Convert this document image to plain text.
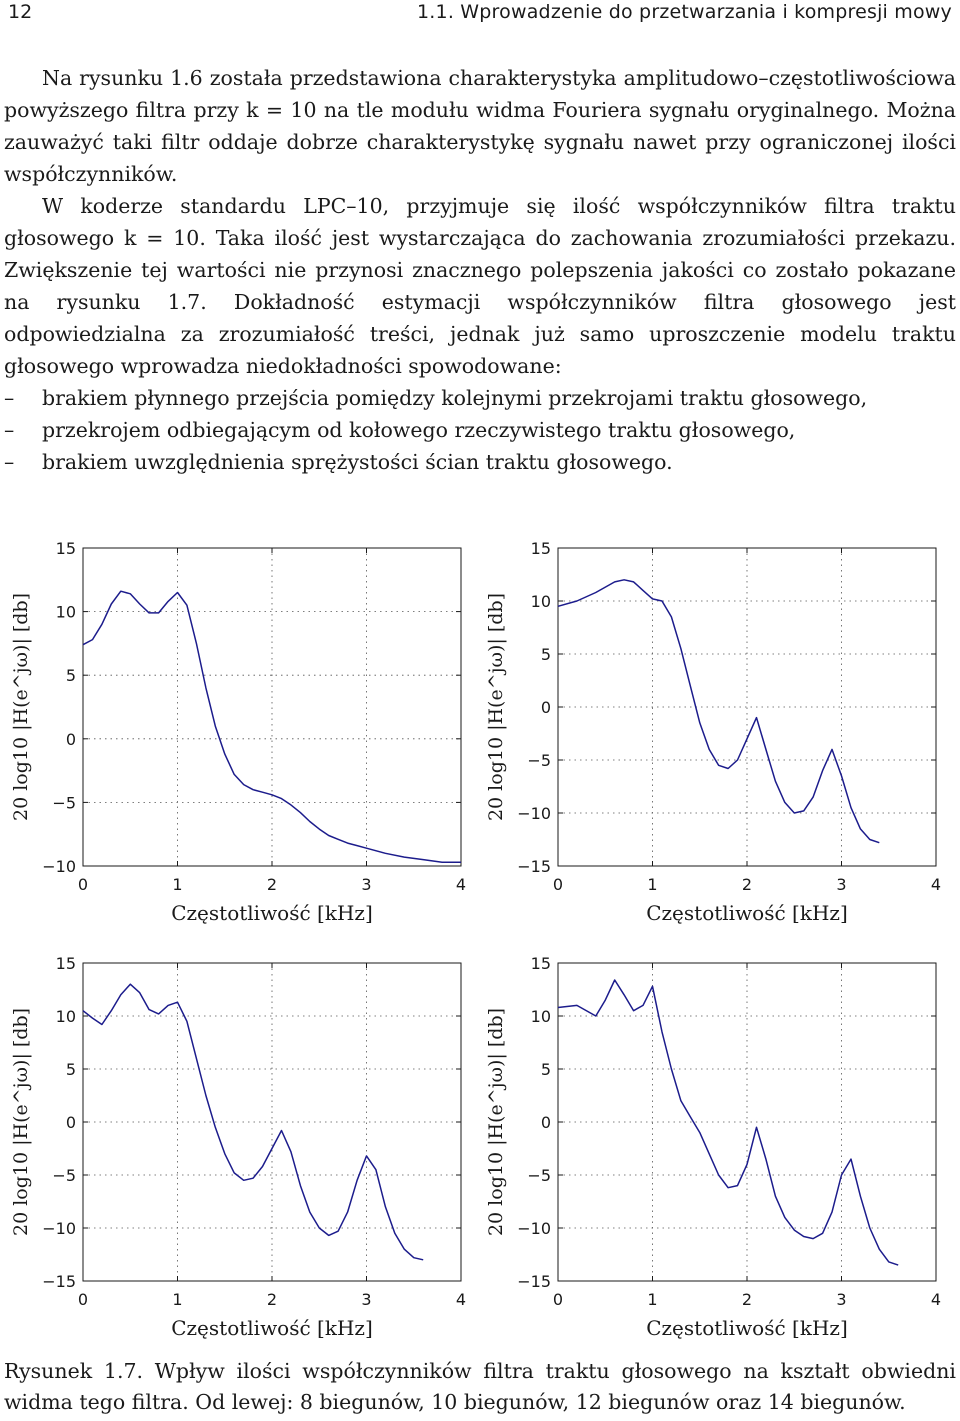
12	1.1. Wprowadzenie do przetwarzania i kompresji mowy

Na rysunku 1.6 została przedstawiona charakterystyka amplitudowo–częstotliwościowa powyższego filtra przy k = 10 na tle modułu widma Fouriera sygnału oryginalnego. Można zauważyć taki filtr oddaje dobrze charakterystykę sygnału nawet przy ograniczonej ilości współczynników.

W koderze standardu LPC–10, przyjmuje się ilość współczynników filtra traktu głosowego k = 10. Taka ilość jest wystarczająca do zachowania zrozumiałości przekazu. Zwiększenie tej wartości nie przynosi znacznego polepszenia jakości co zostało pokazane na rysunku 1.7. Dokładność estymacji współczynników filtra głosowego jest odpowiedzialna za zrozumiałość treści, jednak już samo uproszczenie modelu traktu głosowego wprowadza niedokładności spowodowane:

– brakiem płynnego przejścia pomiędzy kolejnymi przekrojami traktu głosowego,
– przekrojem odbiegającym od kołowego rzeczywistego traktu głosowego,
– brakiem uwzględnienia sprężystości ścian traktu głosowego.
0	1	2	3	4
−10
−5
0
5
10
15
Częstotliwość [kHz]
20 log10 |H(e^jω)| [db]
0	1	2	3	4
−15
−10
−5
0
5
10
15
Częstotliwość [kHz]
20 log10 |H(e^jω)| [db]
0	1	2	3	4
−15
−10
−5
0
5
10
15
Częstotliwość [kHz]
20 log10 |H(e^jω)| [db]
0	1	2	3	4
−15
−10
−5
0
5
10
15
Częstotliwość [kHz]
20 log10 |H(e^jω)| [db]
Rysunek 1.7. Wpływ ilości współczynników filtra traktu głosowego na kształt obwiedni widma tego filtra. Od lewej: 8 biegunów, 10 biegunów, 12 biegunów oraz 14 biegunów.
